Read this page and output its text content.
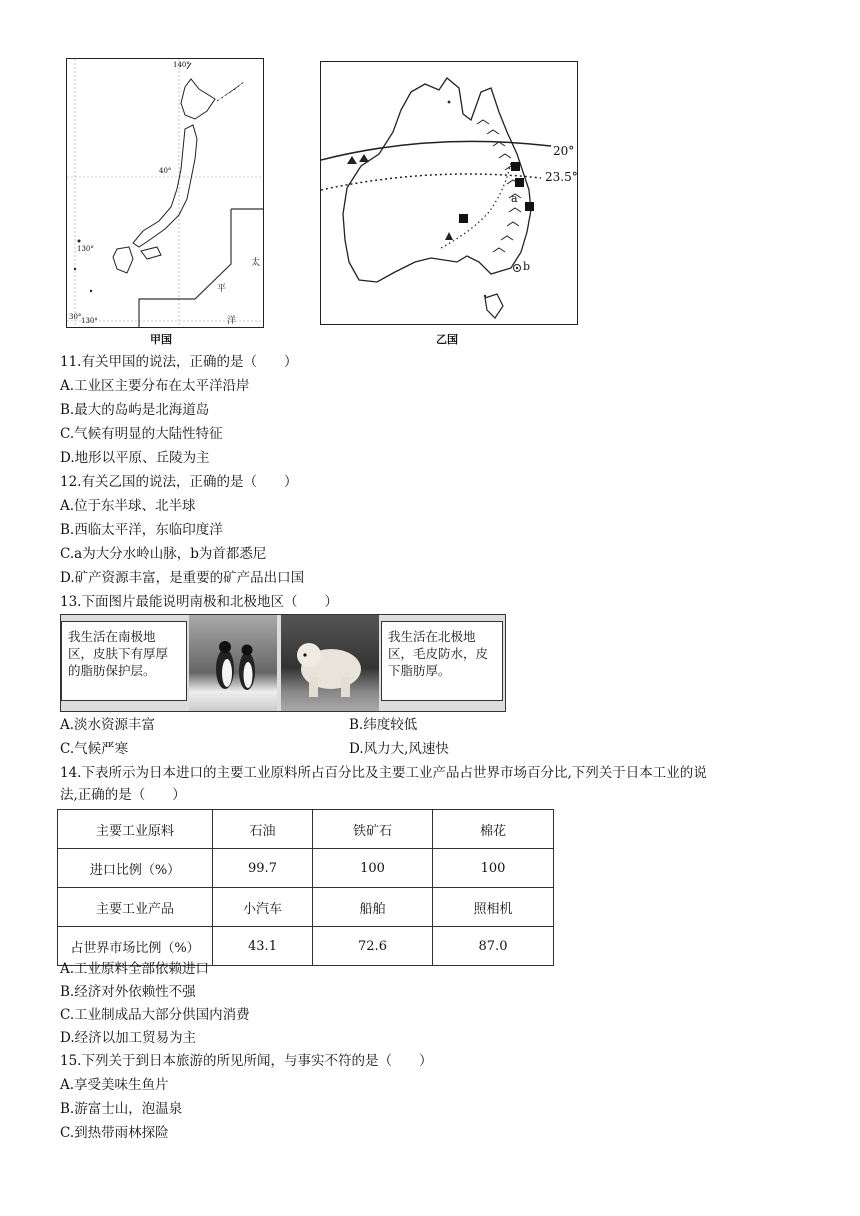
140°
40°
130°
30° 130°
太
平
洋
甲国
20°
23.5°
a
b
乙国
11.有关甲国的说法，正确的是（　　）
A.工业区主要分布在太平洋沿岸
B.最大的岛屿是北海道岛
C.气候有明显的大陆性特征
D.地形以平原、丘陵为主
12.有关乙国的说法，正确的是（　　）
A.位于东半球、北半球
B.西临太平洋，东临印度洋
C.a为大分水岭山脉，b为首都悉尼
D.矿产资源丰富，是重要的矿产品出口国
13.下面图片最能说明南极和北极地区（　　）
我生活在南极地区，皮肤下有厚厚的脂肪保护层。
我生活在北极地区，毛皮防水，皮下脂肪厚。
A.淡水资源丰富	B.纬度较低
C.气候严寒	D.风力大,风速快
14.下表所示为日本进口的主要工业原料所占百分比及主要工业产品占世界市场百分比,下列关于日本工业的说
法,正确的是（　　）
主要工业原料	石油	铁矿石	棉花
进口比例（%）	99.7	100	100
主要工业产品	小汽车	船舶	照相机
占世界市场比例（%）	43.1	72.6	87.0
A.工业原料全部依赖进口
B.经济对外依赖性不强
C.工业制成品大部分供国内消费
D.经济以加工贸易为主
15.下列关于到日本旅游的所见所闻，与事实不符的是（　　）
A.享受美味生鱼片
B.游富士山，泡温泉
C.到热带雨林探险
